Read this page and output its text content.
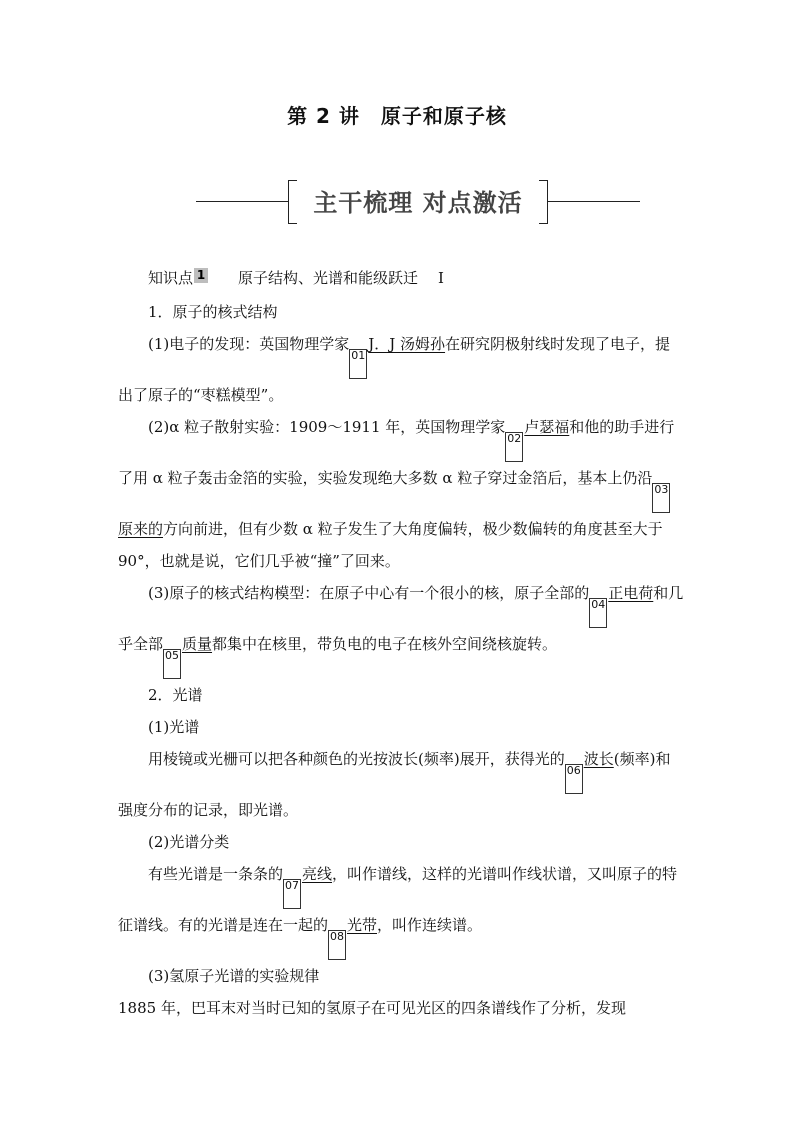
第 2 讲　原子和原子核
主干梳理 对点激活

知识点 1 原子结构、光谱和能级跃迁 Ⅰ

1．原子的核式结构

(1)电子的发现：英国物理学家01J．J 汤姆孙在研究阴极射线时发现了电子，提出了原子的“枣糕模型”。

(2)α 粒子散射实验：1909～1911 年，英国物理学家02卢瑟福和他的助手进行了用 α 粒子轰击金箔的实验，实验发现绝大多数 α 粒子穿过金箔后，基本上仍沿03原来的方向前进，但有少数 α 粒子发生了大角度偏转，极少数偏转的角度甚至大于 90°，也就是说，它们几乎被“撞”了回来。

(3)原子的核式结构模型：在原子中心有一个很小的核，原子全部的04正电荷和几乎全部05质量都集中在核里，带负电的电子在核外空间绕核旋转。

2．光谱

(1)光谱

用棱镜或光栅可以把各种颜色的光按波长(频率)展开，获得光的06波长(频率)和强度分布的记录，即光谱。

(2)光谱分类

有些光谱是一条条的07亮线，叫作谱线，这样的光谱叫作线状谱，又叫原子的特征谱线。有的光谱是连在一起的08光带，叫作连续谱。

(3)氢原子光谱的实验规律

1885 年，巴耳末对当时已知的氢原子在可见光区的四条谱线作了分析，发现
